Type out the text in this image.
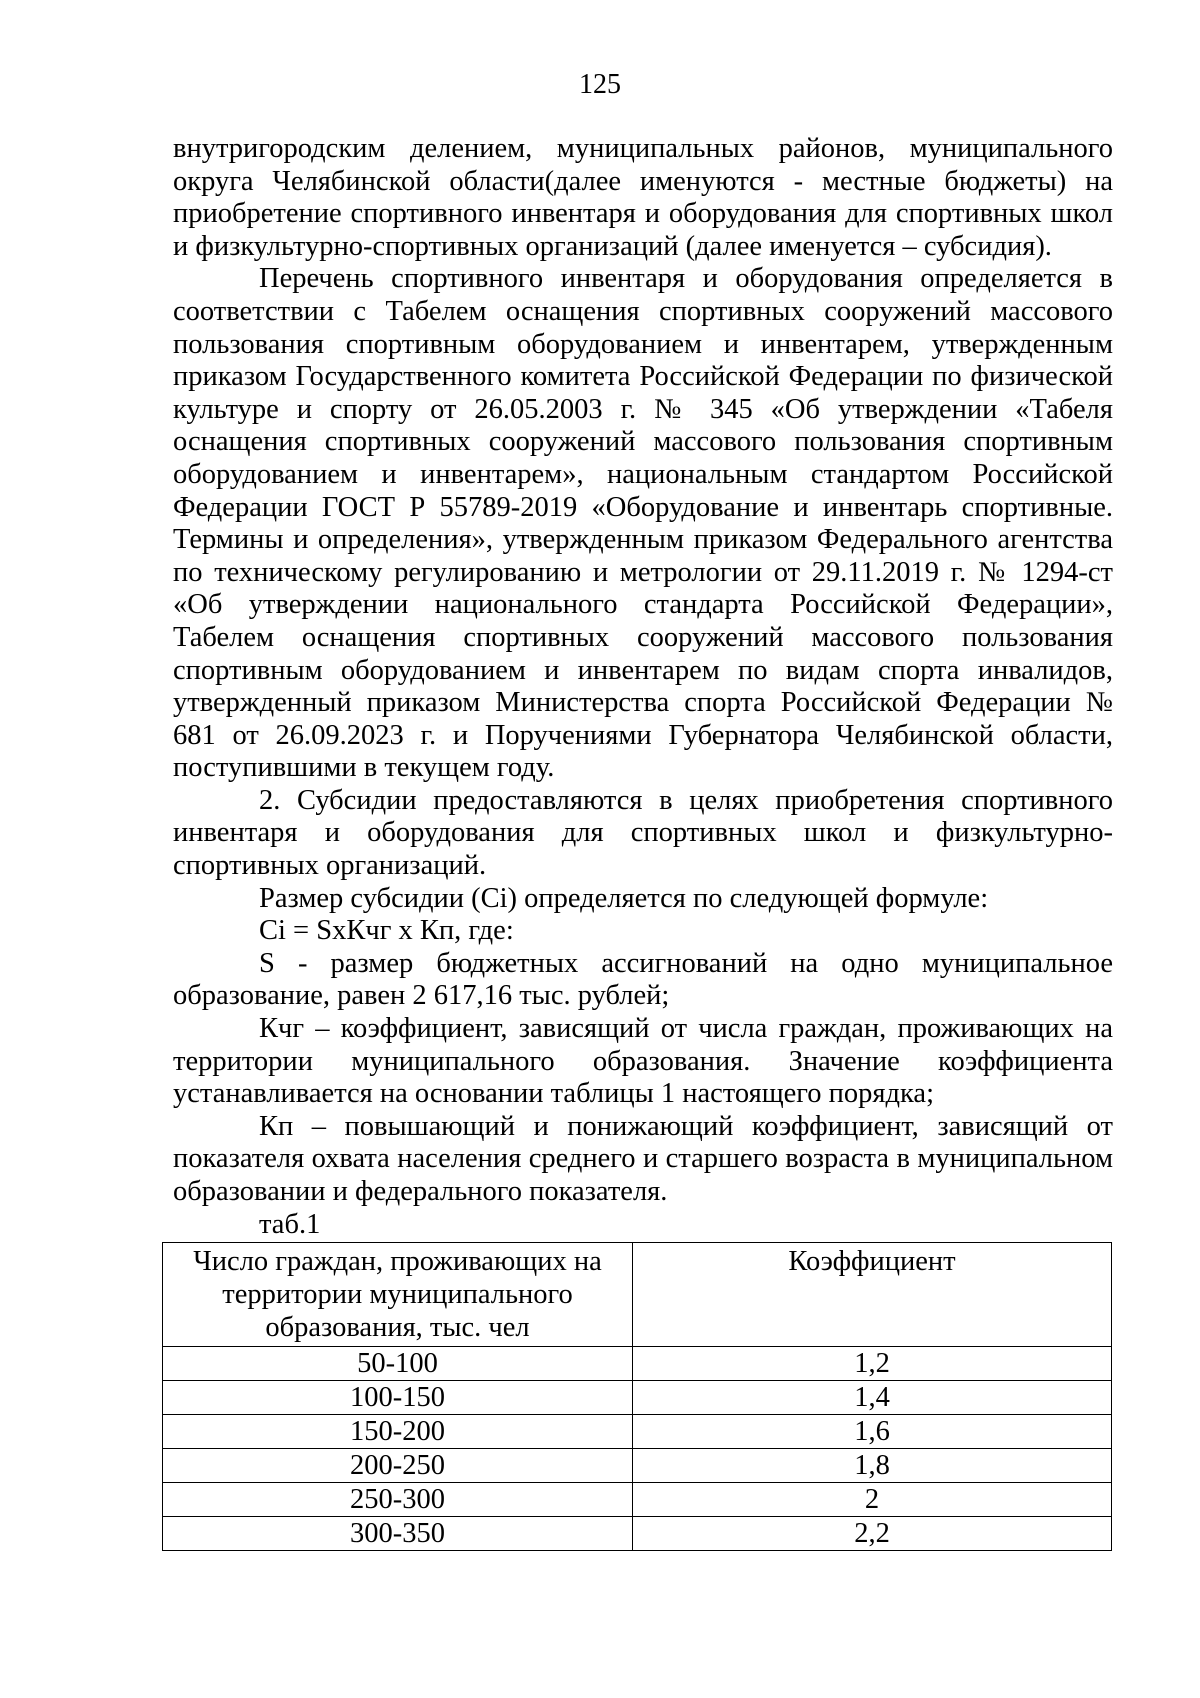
125

внутригородским делением, муниципальных районов, муниципального округа Челябинской области(далее именуются - местные бюджеты) на приобретение спортивного инвентаря и оборудования для спортивных школ и физкультурно-спортивных организаций (далее именуется – субсидия).

Перечень спортивного инвентаря и оборудования определяется в соответствии с Табелем оснащения спортивных сооружений массового пользования спортивным оборудованием и инвентарем, утвержденным приказом Государственного комитета Российской Федерации по физической культуре и спорту от 26.05.2003 г. № 345 «Об утверждении «Табеля оснащения спортивных сооружений массового пользования спортивным оборудованием и инвентарем», национальным стандартом Российской Федерации ГОСТ Р 55789-2019 «Оборудование и инвентарь спортивные. Термины и определения», утвержденным приказом Федерального агентства по техническому регулированию и метрологии от 29.11.2019 г. № 1294-ст «Об утверждении национального стандарта Российской Федерации», Табелем оснащения спортивных сооружений массового пользования спортивным оборудованием и инвентарем по видам спорта инвалидов, утвержденный приказом Министерства спорта Российской Федерации № 681 от 26.09.2023 г. и Поручениями Губернатора Челябинской области, поступившими в текущем году.

2. Субсидии предоставляются в целях приобретения спортивного инвентаря и оборудования для спортивных школ и физкультурно-спортивных организаций.

Размер субсидии (Сi) определяется по следующей формуле:

Сi = SхКчг х Кп, где:

S - размер бюджетных ассигнований на одно муниципальное образование, равен 2 617,16 тыс. рублей;

Кчг – коэффициент, зависящий от числа граждан, проживающих на территории муниципального образования. Значение коэффициента устанавливается на основании таблицы 1 настоящего порядка;

Кп – повышающий и понижающий коэффициент, зависящий от показателя охвата населения среднего и старшего возраста в муниципальном образовании и федерального показателя.

таб.1

Число граждан, проживающих на территории муниципального образования, тыс. чел	Коэффициент
50-100	1,2
100-150	1,4
150-200	1,6
200-250	1,8
250-300	2
300-350	2,2
